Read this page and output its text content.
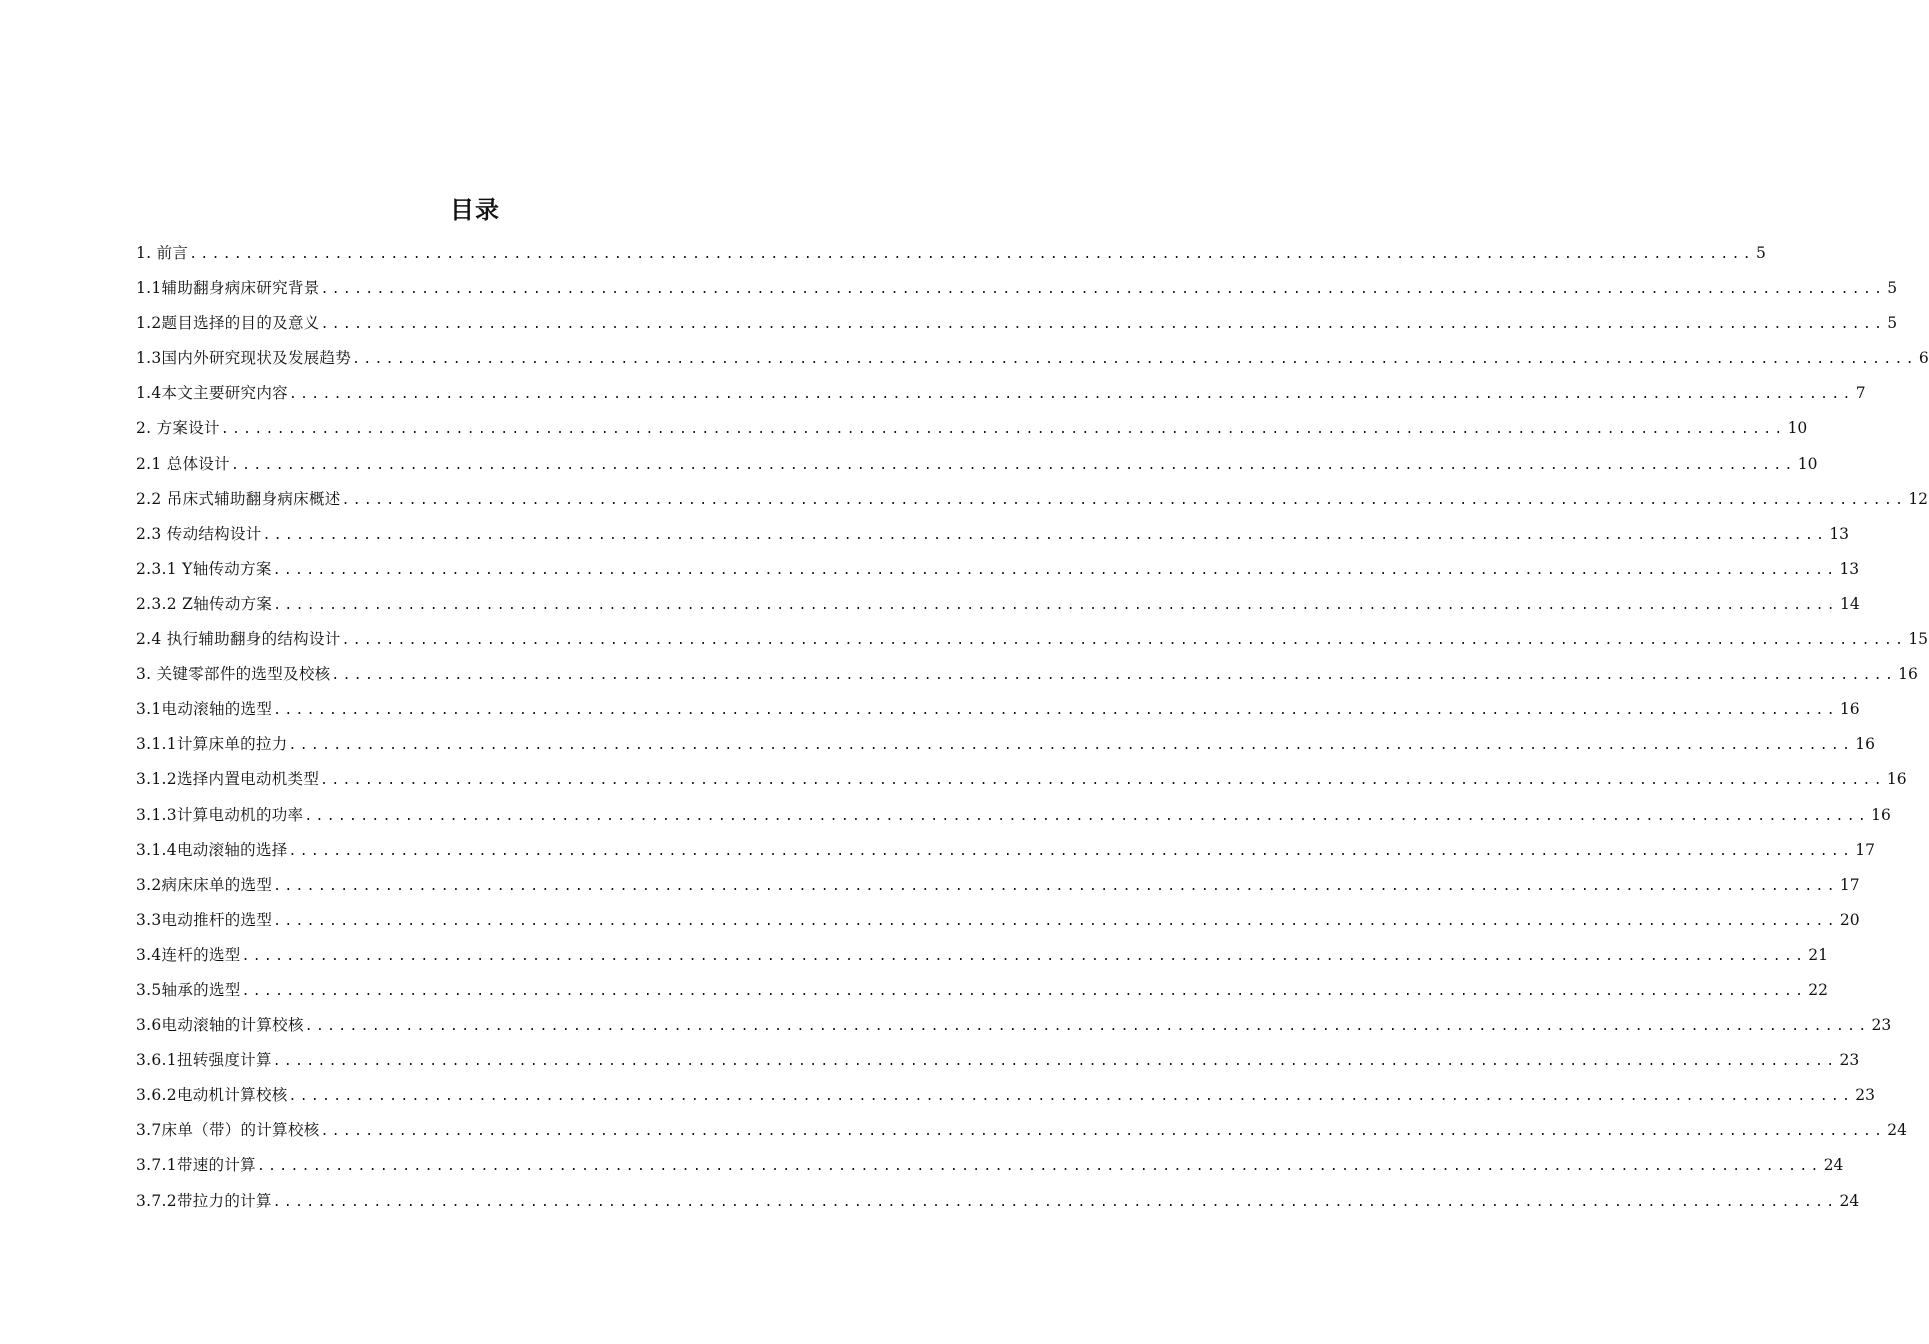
目录
1. 前言 ............................................................................................................................................ 5
1.1辅助翻身病床研究背景 ............................................................................................................................................ 5
1.2题目选择的目的及意义 ............................................................................................................................................ 5
1.3国内外研究现状及发展趋势 ............................................................................................................................................ 6
1.4本文主要研究内容 ............................................................................................................................................ 7
2. 方案设计 ............................................................................................................................................ 10
2.1 总体设计 ............................................................................................................................................ 10
2.2 吊床式辅助翻身病床概述 ............................................................................................................................................ 12
2.3 传动结构设计 ............................................................................................................................................ 13
2.3.1 Y轴传动方案 ............................................................................................................................................ 13
2.3.2 Z轴传动方案 ............................................................................................................................................ 14
2.4 执行辅助翻身的结构设计 ............................................................................................................................................ 15
3. 关键零部件的选型及校核 ............................................................................................................................................ 16
3.1电动滚轴的选型 ............................................................................................................................................ 16
3.1.1计算床单的拉力 ............................................................................................................................................ 16
3.1.2选择内置电动机类型 ............................................................................................................................................ 16
3.1.3计算电动机的功率 ............................................................................................................................................ 16
3.1.4电动滚轴的选择 ............................................................................................................................................ 17
3.2病床床单的选型 ............................................................................................................................................ 17
3.3电动推杆的选型 ............................................................................................................................................ 20
3.4连杆的选型 ............................................................................................................................................ 21
3.5轴承的选型 ............................................................................................................................................ 22
3.6电动滚轴的计算校核 ............................................................................................................................................ 23
3.6.1扭转强度计算 ............................................................................................................................................ 23
3.6.2电动机计算校核 ............................................................................................................................................ 23
3.7床单（带）的计算校核 ............................................................................................................................................ 24
3.7.1带速的计算 ............................................................................................................................................ 24
3.7.2带拉力的计算 ............................................................................................................................................ 24
